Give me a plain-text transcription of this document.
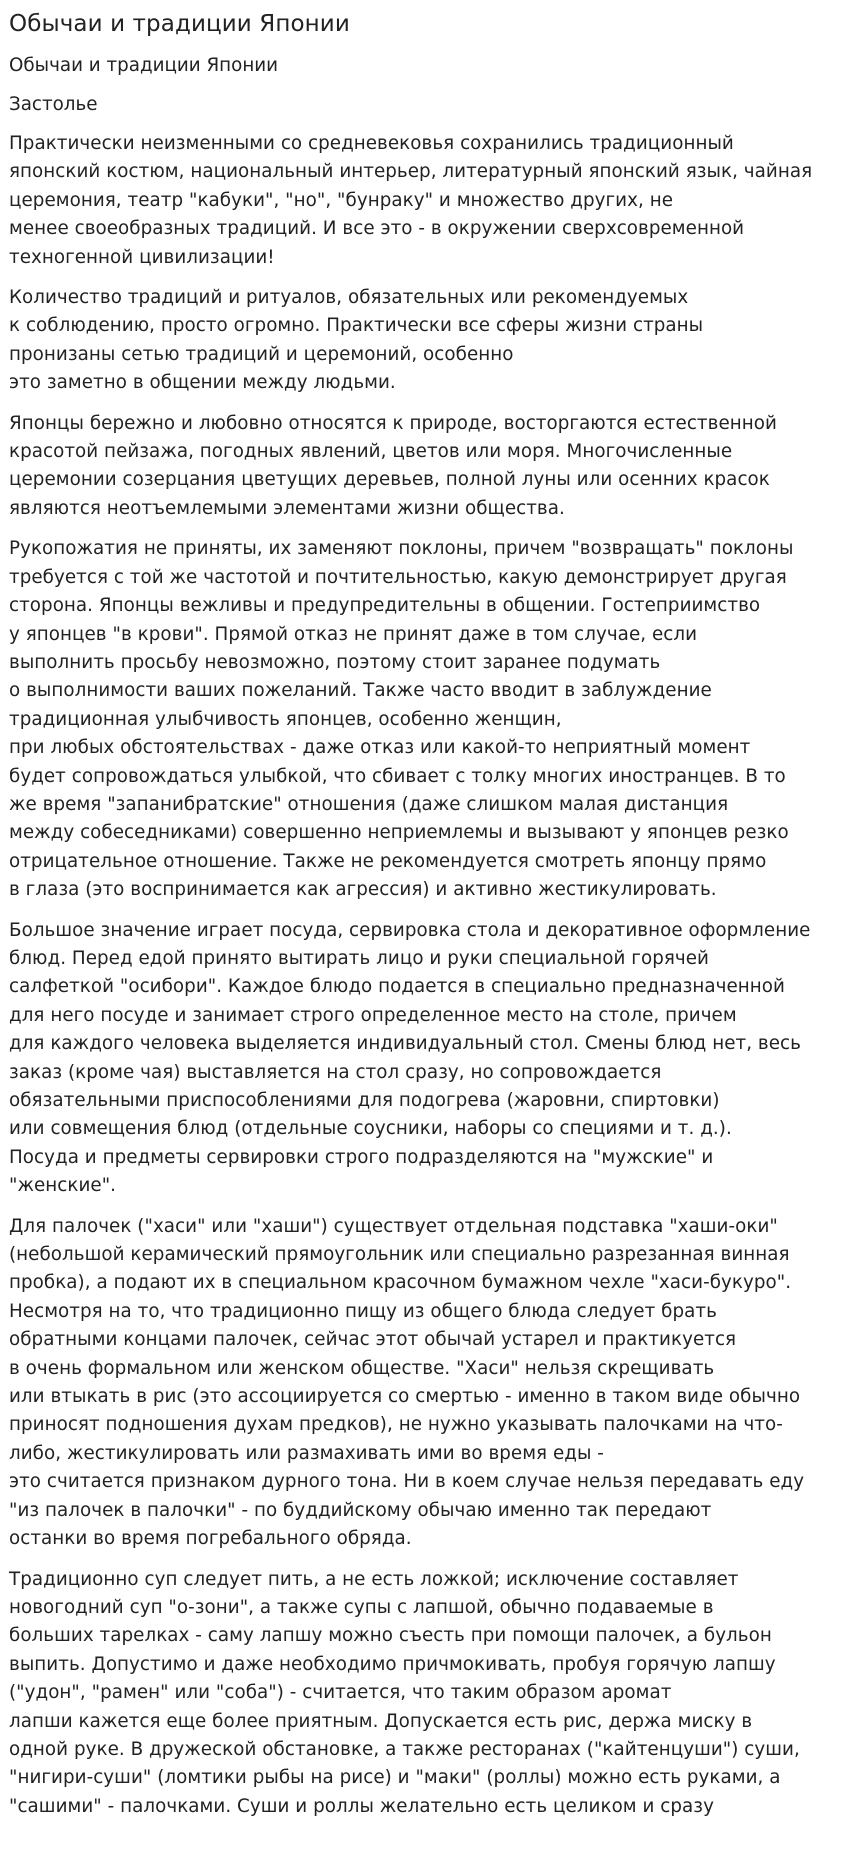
Обычаи и традиции Японии
Обычаи и традиции Японии
Застолье

Практически неизменными со средневековья сохранились традиционный
японский костюм, национальный интерьер, литературный японский язык, чайная
церемония, театр "кабуки", "но", "бунраку" и множество других, не
менее своеобразных традиций. И все это - в окружении сверхсовременной
техногенной цивилизации!

Количество традиций и ритуалов, обязательных или рекомендуемых
к соблюдению, просто огромно. Практически все сферы жизни страны
пронизаны сетью традиций и церемоний, особенно
это заметно в общении между людьми.

Японцы бережно и любовно относятся к природе, восторгаются естественной
красотой пейзажа, погодных явлений, цветов или моря. Многочисленные
церемонии созерцания цветущих деревьев, полной луны или осенних красок
являются неотъемлемыми элементами жизни общества.

Рукопожатия не приняты, их заменяют поклоны, причем "возвращать" поклоны
требуется с той же частотой и почтительностью, какую демонстрирует другая
сторона. Японцы вежливы и предупредительны в общении. Гостеприимство
у японцев "в крови". Прямой отказ не принят даже в том случае, если
выполнить просьбу невозможно, поэтому стоит заранее подумать
о выполнимости ваших пожеланий. Также часто вводит в заблуждение
традиционная улыбчивость японцев, особенно женщин,
при любых обстоятельствах - даже отказ или какой-то неприятный момент
будет сопровождаться улыбкой, что сбивает с толку многих иностранцев. В то
же время "запанибратские" отношения (даже слишком малая дистанция
между собеседниками) совершенно неприемлемы и вызывают у японцев резко
отрицательное отношение. Также не рекомендуется смотреть японцу прямо
в глаза (это воспринимается как агрессия) и активно жестикулировать.

Большое значение играет посуда, сервировка стола и декоративное оформление
блюд. Перед едой принято вытирать лицо и руки специальной горячей
салфеткой "осибори". Каждое блюдо подается в специально предназначенной
для него посуде и занимает строго определенное место на столе, причем
для каждого человека выделяется индивидуальный стол. Смены блюд нет, весь
заказ (кроме чая) выставляется на стол сразу, но сопровождается
обязательными приспособлениями для подогрева (жаровни, спиртовки)
или совмещения блюд (отдельные соусники, наборы со специями и т. д.).
Посуда и предметы сервировки строго подразделяются на "мужские" и
"женские".

Для палочек ("хаси" или "хаши") существует отдельная подставка "хаши-оки"
(небольшой керамический прямоугольник или специально разрезанная винная
пробка), а подают их в специальном красочном бумажном чехле "хаси-букуро".
Несмотря на то, что традиционно пищу из общего блюда следует брать
обратными концами палочек, сейчас этот обычай устарел и практикуется
в очень формальном или женском обществе. "Хаси" нельзя скрещивать
или втыкать в рис (это ассоциируется со смертью - именно в таком виде обычно
приносят подношения духам предков), не нужно указывать палочками на что-
либо, жестикулировать или размахивать ими во время еды -
это считается признаком дурного тона. Ни в коем случае нельзя передавать еду
"из палочек в палочки" - по буддийскому обычаю именно так передают
останки во время погребального обряда.

Традиционно суп следует пить, а не есть ложкой; исключение составляет
новогодний суп "о-зони", а также супы с лапшой, обычно подаваемые в
больших тарелках - саму лапшу можно съесть при помощи палочек, а бульон
выпить. Допустимо и даже необходимо причмокивать, пробуя горячую лапшу
("удон", "рамен" или "соба") - считается, что таким образом аромат
лапши кажется еще более приятным. Допускается есть рис, держа миску в
одной руке. В дружеской обстановке, а также ресторанах ("кайтенцуши") суши,
"нигири-суши" (ломтики рыбы на рисе) и "маки" (роллы) можно есть руками, а
"сашими" - палочками. Суши и роллы желательно есть целиком и сразу
